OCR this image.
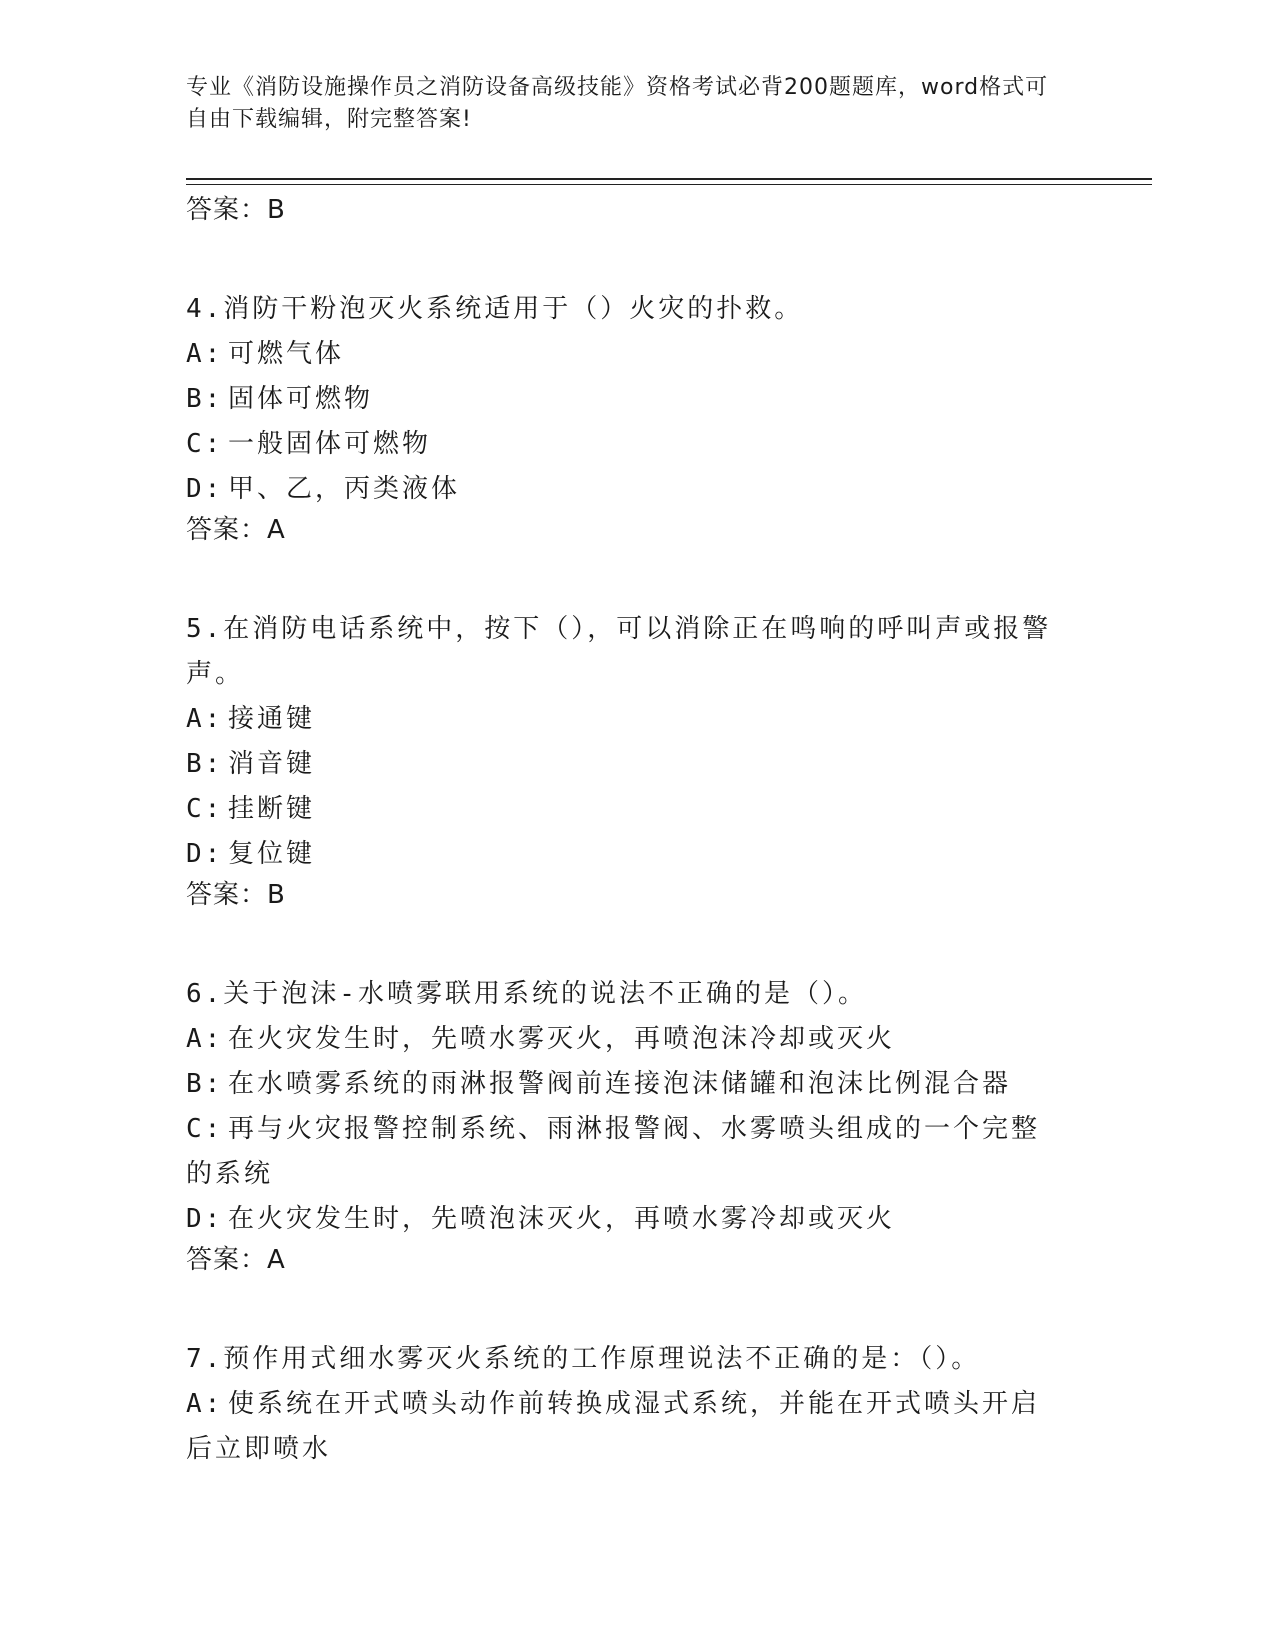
专业《消防设施操作员之消防设备高级技能》资格考试必背200题题库，word格式可自由下载编辑，附完整答案!
答案：B
4.消防干粉泡灭火系统适用于（）火灾的扑救。
A: 可燃气体
B: 固体可燃物
C: 一般固体可燃物
D: 甲、乙，丙类液体
答案：A
5.在消防电话系统中，按下（），可以消除正在鸣响的呼叫声或报警声。
A: 接通键
B: 消音键
C: 挂断键
D: 复位键
答案：B
6.关于泡沫-水喷雾联用系统的说法不正确的是（）。
A: 在火灾发生时，先喷水雾灭火，再喷泡沫冷却或灭火
B: 在水喷雾系统的雨淋报警阀前连接泡沫储罐和泡沫比例混合器
C: 再与火灾报警控制系统、雨淋报警阀、水雾喷头组成的一个完整的系统
D: 在火灾发生时，先喷泡沫灭火，再喷水雾冷却或灭火
答案：A
7.预作用式细水雾灭火系统的工作原理说法不正确的是：（）。
A: 使系统在开式喷头动作前转换成湿式系统，并能在开式喷头开启后立即喷水
